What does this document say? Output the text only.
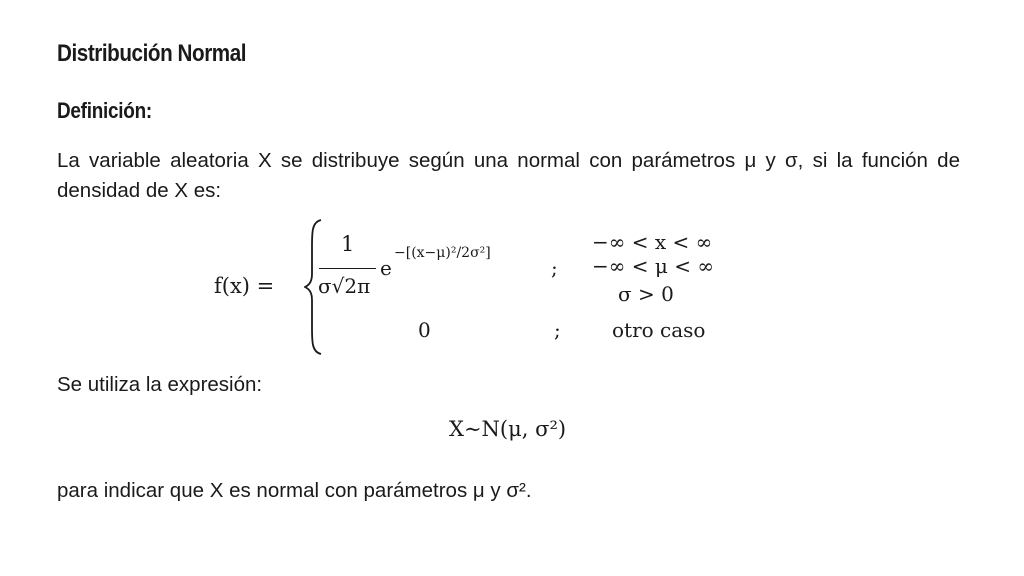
Distribución Normal
Definición:
La variable aleatoria X se distribuye según una normal con parámetros μ y σ, si la función de densidad de X es:
f(x) =
1
σ√2π
e
−[(x−μ)²/2σ²]
;
−∞ < x < ∞
−∞ < μ < ∞
σ > 0
0	;	otro caso
Se utiliza la expresión:
X∼N(μ, σ²)
para indicar que X es normal con parámetros μ y σ².
